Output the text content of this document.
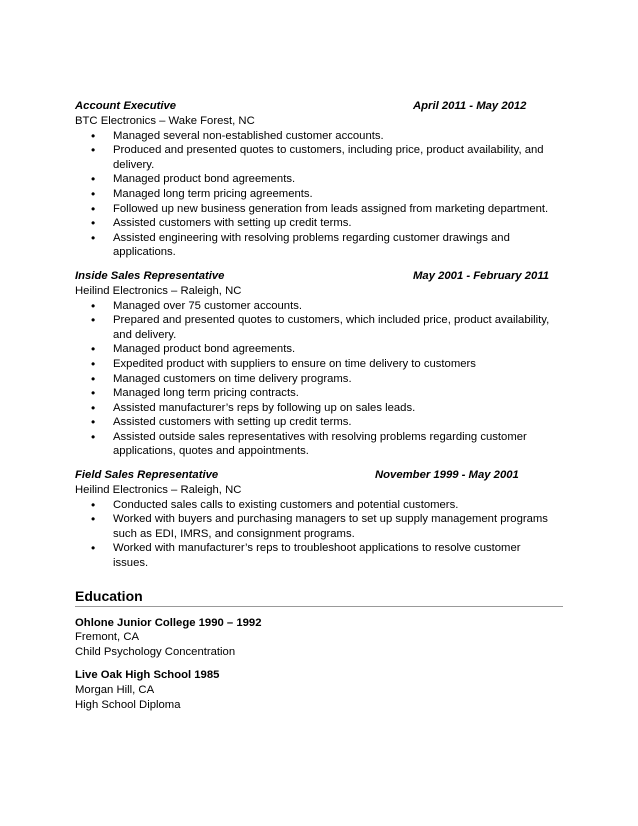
Account Executive	April 2011 - May 2012
BTC Electronics – Wake Forest, NC
• Managed several non-established customer accounts.
• Produced and presented quotes to customers, including price, product availability, and delivery.
• Managed product bond agreements.
• Managed long term pricing agreements.
• Followed up new business generation from leads assigned from marketing department.
• Assisted customers with setting up credit terms.
• Assisted engineering with resolving problems regarding customer drawings and applications.
Inside Sales Representative	May 2001 - February 2011
Heilind Electronics – Raleigh, NC
• Managed over 75 customer accounts.
• Prepared and presented quotes to customers, which included price, product availability, and delivery.
• Managed product bond agreements.
• Expedited product with suppliers to ensure on time delivery to customers
• Managed customers on time delivery programs.
• Managed long term pricing contracts.
• Assisted manufacturer’s reps by following up on sales leads.
• Assisted customers with setting up credit terms.
• Assisted outside sales representatives with resolving problems regarding customer applications, quotes and appointments.
Field Sales Representative	November 1999 - May 2001
Heilind Electronics – Raleigh, NC
• Conducted sales calls to existing customers and potential customers.
• Worked with buyers and purchasing managers to set up supply management programs such as EDI, IMRS, and consignment programs.
• Worked with manufacturer’s reps to troubleshoot applications to resolve customer issues.
Education
Ohlone Junior College 1990 – 1992
Fremont, CA
Child Psychology Concentration
Live Oak High School 1985
Morgan Hill, CA
High School Diploma
